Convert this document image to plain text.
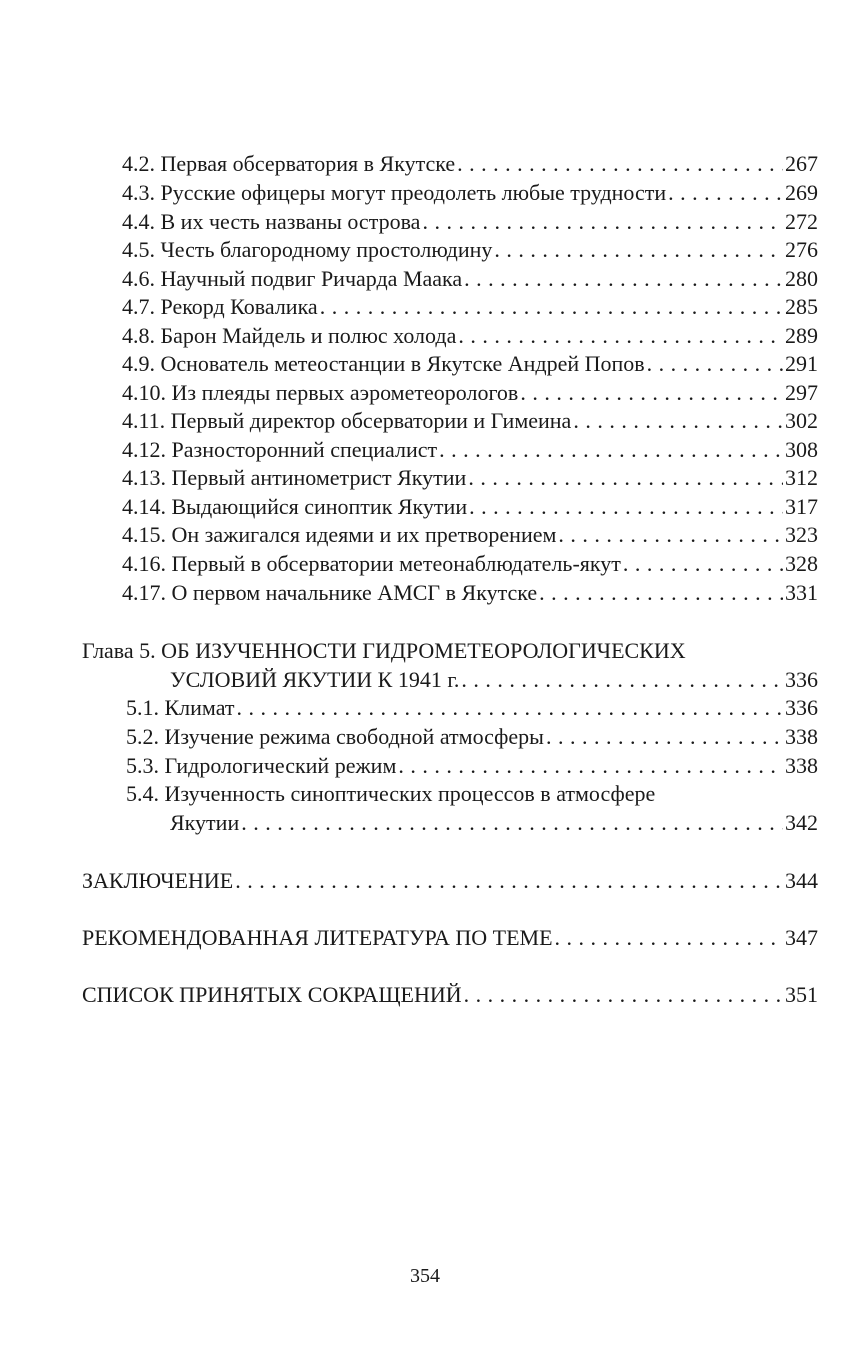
4.2. Первая обсерватория в Якутске . . .	267
4.3. Русские офицеры могут преодолеть любые трудности . . .	269
4.4. В их честь названы острова . . .	272
4.5. Честь благородному простолюдину . . .	276
4.6. Научный подвиг Ричарда Маака . . .	280
4.7. Рекорд Ковалика . . .	285
4.8. Барон Майдель и полюс холода . . .	289
4.9. Основатель метеостанции в Якутске Андрей Попов . . .	291
4.10. Из плеяды первых аэрометеорологов . . .	297
4.11. Первый директор обсерватории и Гимеина . . .	302
4.12. Разносторонний специалист . . .	308
4.13. Первый антинометрист Якутии . . .	312
4.14. Выдающийся синоптик Якутии . . .	317
4.15. Он зажигался идеями и их претворением . . .	323
4.16. Первый в обсерватории метеонаблюдатель-якут . . .	328
4.17. О первом начальнике АМСГ в Якутске . . .	331
Глава 5. ОБ ИЗУЧЕННОСТИ ГИДРОМЕТЕОРОЛОГИЧЕСКИХ
УСЛОВИЙ ЯКУТИИ К 1941 г. . . .	336
5.1. Климат . . .	336
5.2. Изучение режима свободной атмосферы . . .	338
5.3. Гидрологический режим . . .	338
5.4. Изученность синоптических процессов в атмосфере
Якутии . . .	342
ЗАКЛЮЧЕНИЕ . . .	344
РЕКОМЕНДОВАННАЯ ЛИТЕРАТУРА ПО ТЕМЕ . . .	347
СПИСОК ПРИНЯТЫХ СОКРАЩЕНИЙ . . .	351
354
